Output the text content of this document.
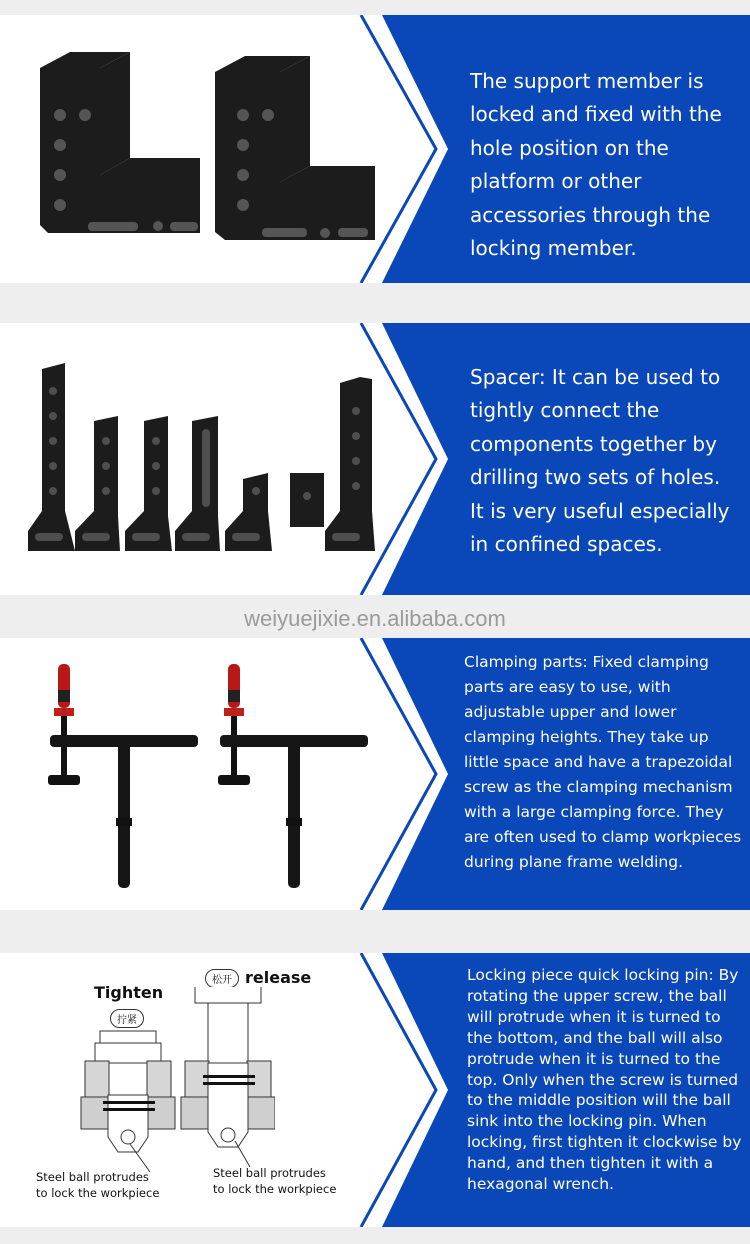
The support member is locked and fixed with the hole position on the platform or other accessories through the locking member.

Spacer: It can be used to tightly connect the components together by drilling two sets of holes. It is very useful especially in confined spaces.

weiyuejixie.en.alibaba.com

Clamping parts: Fixed clamping parts are easy to use, with adjustable upper and lower clamping heights. They take up little space and have a trapezoidal screw as the clamping mechanism with a large clamping force. They are often used to clamp workpieces during plane frame welding.

Tighten
拧紧
松开 release
Steel ball protrudes
to lock the workpiece
Steel ball protrudes
to lock the workpiece

Locking piece quick locking pin: By rotating the upper screw, the ball will protrude when it is turned to the bottom, and the ball will also protrude when it is turned to the top. Only when the screw is turned to the middle position will the ball sink into the locking pin. When locking, first tighten it clockwise by hand, and then tighten it with a hexagonal wrench.
